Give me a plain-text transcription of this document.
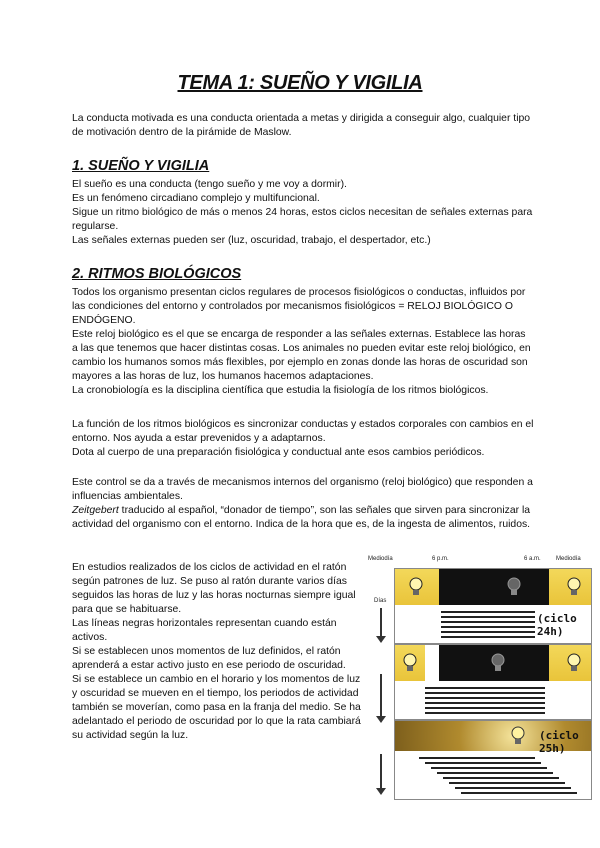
TEMA 1: SUEÑO Y VIGILIA

La conducta motivada es una conducta orientada a metas y dirigida a conseguir algo, cualquier tipo de motivación dentro de la pirámide de Maslow.

1. SUEÑO Y VIGILIA

El sueño es una conducta (tengo sueño y me voy a dormir).

Es un fenómeno circadiano complejo y multifuncional.

Sigue un ritmo biológico de más o menos 24 horas, estos ciclos necesitan de señales externas para regularse.

Las señales externas pueden ser (luz, oscuridad, trabajo, el despertador, etc.)

2. RITMOS BIOLÓGICOS

Todos los organismo presentan ciclos regulares de procesos fisiológicos o conductas, influidos por las condiciones del entorno y controlados por mecanismos fisiológicos = RELOJ BIOLÓGICO O ENDÓGENO.

Este reloj biológico es el que se encarga de responder a las señales externas. Establece las horas a las que tenemos que hacer distintas cosas. Los animales no pueden evitar este reloj biológico, en cambio los humanos somos más flexibles, por ejemplo en zonas donde las horas de oscuridad son mayores a las horas de luz, los humanos hacemos adaptaciones.

La cronobiología es la disciplina científica que estudia la fisiología de los ritmos biológicos.

La función de los ritmos biológicos es sincronizar conductas y estados corporales con cambios en el entorno. Nos ayuda a estar prevenidos y a adaptarnos.

Dota al cuerpo de una preparación fisiológica y conductual ante esos cambios periódicos.

Este control se da a través de mecanismos internos del organismo (reloj biológico) que responden a influencias ambientales.

Zeitgebert traducido al español, “donador de tiempo”, son las señales que sirven para sincronizar la actividad del organismo con el entorno. Indica de la hora que es, de la ingesta de alimentos, ruidos.

En estudios realizados de los ciclos de actividad en el ratón según patrones de luz. Se puso al ratón durante varios días seguidos las horas de luz y las horas nocturnas siempre igual para que se habituarse.

Las líneas negras horizontales representan cuando están activos.

Si se establecen unos momentos de luz definidos, el ratón aprenderá a estar activo justo en ese periodo de oscuridad.

Si se establece un cambio en el horario y los momentos de luz y oscuridad se mueven en el tiempo, los periodos de actividad también se moverían, como pasa en la franja del medio. Se ha adelantado el periodo de oscuridad por lo que la rata cambiará su actividad según la luz.

Mediodía	6 p.m.	6 a.m.	Mediodía
Días
(ciclo 24h)
(ciclo 25h)
